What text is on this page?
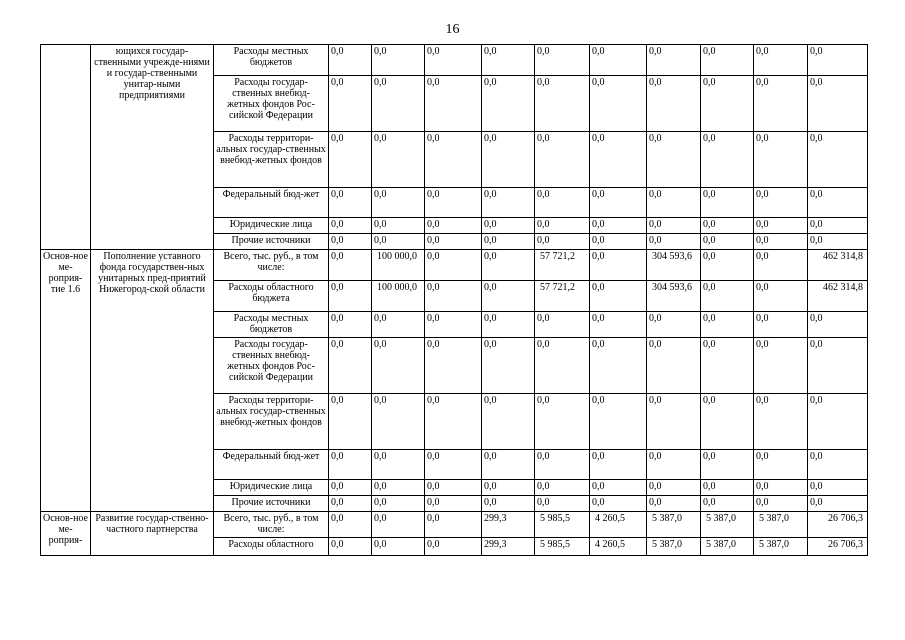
16
	ющихся государ-ственными учрежде-ниями и государ-ственными унитар-ными предприятиями	Расходы местных бюджетов	0,0	0,0	0,0	0,0	0,0	0,0	0,0	0,0	0,0	0,0
		Расходы государ-ственных внебюд-жетных фондов Рос-сийской Федерации	0,0	0,0	0,0	0,0	0,0	0,0	0,0	0,0	0,0	0,0
		Расходы территори-альных государ-ственных внебюд-жетных фондов	0,0	0,0	0,0	0,0	0,0	0,0	0,0	0,0	0,0	0,0
		Федеральный бюд-жет	0,0	0,0	0,0	0,0	0,0	0,0	0,0	0,0	0,0	0,0
		Юридические лица	0,0	0,0	0,0	0,0	0,0	0,0	0,0	0,0	0,0	0,0
		Прочие источники	0,0	0,0	0,0	0,0	0,0	0,0	0,0	0,0	0,0	0,0
Основ-ное ме-роприя-тие 1.6	Пополнение уставного фонда государствен-ных унитарных пред-приятий Нижегород-ской области	Всего, тыс. руб., в том числе:	0,0	100 000,0	0,0	0,0	57 721,2	0,0	304 593,6	0,0	0,0	462 314,8
		Расходы областного бюджета	0,0	100 000,0	0,0	0,0	57 721,2	0,0	304 593,6	0,0	0,0	462 314,8
		Расходы местных бюджетов	0,0	0,0	0,0	0,0	0,0	0,0	0,0	0,0	0,0	0,0
		Расходы государ-ственных внебюд-жетных фондов Рос-сийской Федерации	0,0	0,0	0,0	0,0	0,0	0,0	0,0	0,0	0,0	0,0
		Расходы территори-альных государ-ственных внебюд-жетных фондов	0,0	0,0	0,0	0,0	0,0	0,0	0,0	0,0	0,0	0,0
		Федеральный бюд-жет	0,0	0,0	0,0	0,0	0,0	0,0	0,0	0,0	0,0	0,0
		Юридические лица	0,0	0,0	0,0	0,0	0,0	0,0	0,0	0,0	0,0	0,0
		Прочие источники	0,0	0,0	0,0	0,0	0,0	0,0	0,0	0,0	0,0	0,0
Основ-ное ме-роприя-	Развитие государ-ственно-частного партнерства	Всего, тыс. руб., в том числе:	0,0	0,0	0,0	299,3	5 985,5	4 260,5	5 387,0	5 387,0	5 387,0	26 706,3
		Расходы областного	0,0	0,0	0,0	299,3	5 985,5	4 260,5	5 387,0	5 387,0	5 387,0	26 706,3
